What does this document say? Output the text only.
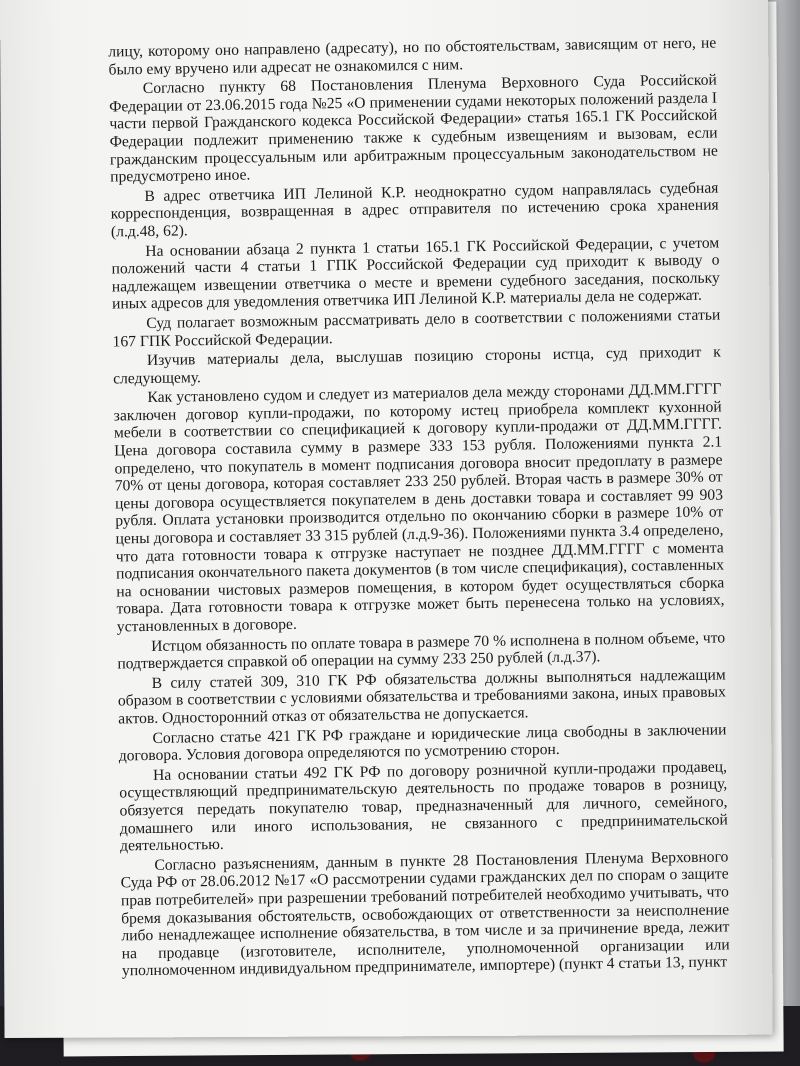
лицу, которому оно направлено (адресату), но по обстоятельствам, зависящим от него, не было ему вручено или адресат не ознакомился с ним.

Согласно пункту 68 Постановления Пленума Верховного Суда Российской Федерации от 23.06.2015 года №25 «О применении судами некоторых положений раздела I части первой Гражданского кодекса Российской Федерации» статья 165.1 ГК Российской Федерации подлежит применению также к судебным извещениям и вызовам, если гражданским процессуальным или арбитражным процессуальным законодательством не предусмотрено иное.

В адрес ответчика ИП Лелиной К.Р. неоднократно судом направлялась судебная корреспонденция, возвращенная в адрес отправителя по истечению срока хранения (л.д.48, 62).

На основании абзаца 2 пункта 1 статьи 165.1 ГК Российской Федерации, с учетом положений части 4 статьи 1 ГПК Российской Федерации суд приходит к выводу о надлежащем извещении ответчика о месте и времени судебного заседания, поскольку иных адресов для уведомления ответчика ИП Лелиной К.Р. материалы дела не содержат.

Суд полагает возможным рассматривать дело в соответствии с положениями статьи 167 ГПК Российской Федерации.

Изучив материалы дела, выслушав позицию стороны истца, суд приходит к следующему.

Как установлено судом и следует из материалов дела между сторонами ДД.ММ.ГГГГ заключен договор купли-продажи, по которому истец приобрела комплект кухонной мебели в соответствии со спецификацией к договору купли-продажи от ДД.ММ.ГГГГ. Цена договора составила сумму в размере 333 153 рубля. Положениями пункта 2.1 определено, что покупатель в момент подписания договора вносит предоплату в размере 70% от цены договора, которая составляет 233 250 рублей. Вторая часть в размере 30% от цены договора осуществляется покупателем в день доставки товара и составляет 99 903 рубля. Оплата установки производится отдельно по окончанию сборки в размере 10% от цены договора и составляет 33 315 рублей (л.д.9-36). Положениями пункта 3.4 определено, что дата готовности товара к отгрузке наступает не позднее ДД.ММ.ГГГГ с момента подписания окончательного пакета документов (в том числе спецификация), составленных на основании чистовых размеров помещения, в котором будет осуществляться сборка товара. Дата готовности товара к отгрузке может быть перенесена только на условиях, установленных в договоре.

Истцом обязанность по оплате товара в размере 70 % исполнена в полном объеме, что подтверждается справкой об операции на сумму 233 250 рублей (л.д.37).

В силу статей 309, 310 ГК РФ обязательства должны выполняться надлежащим образом в соответствии с условиями обязательства и требованиями закона, иных правовых актов. Односторонний отказ от обязательства не допускается.

Согласно статье 421 ГК РФ граждане и юридические лица свободны в заключении договора. Условия договора определяются по усмотрению сторон.

На основании статьи 492 ГК РФ по договору розничной купли-продажи продавец, осуществляющий предпринимательскую деятельность по продаже товаров в розницу, обязуется передать покупателю товар, предназначенный для личного, семейного, домашнего или иного использования, не связанного с предпринимательской деятельностью.

Согласно разъяснениям, данным в пункте 28 Постановления Пленума Верховного Суда РФ от 28.06.2012 №17 «О рассмотрении судами гражданских дел по спорам о защите прав потребителей» при разрешении требований потребителей необходимо учитывать, что бремя доказывания обстоятельств, освобождающих от ответственности за неисполнение либо ненадлежащее исполнение обязательства, в том числе и за причинение вреда, лежит на продавце (изготовителе, исполнителе, уполномоченной организации или уполномоченном индивидуальном предпринимателе, импортере) (пункт 4 статьи 13, пункт
